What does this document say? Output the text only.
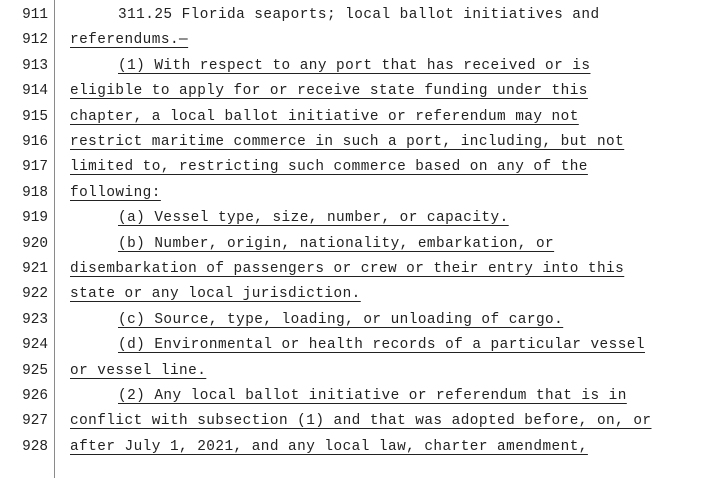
911	311.25 Florida seaports; local ballot initiatives and
912 referendums.—
913	(1) With respect to any port that has received or is
914 eligible to apply for or receive state funding under this
915 chapter, a local ballot initiative or referendum may not
916 restrict maritime commerce in such a port, including, but not
917 limited to, restricting such commerce based on any of the
918 following:
919	(a) Vessel type, size, number, or capacity.
920	(b) Number, origin, nationality, embarkation, or
921 disembarkation of passengers or crew or their entry into this
922 state or any local jurisdiction.
923	(c) Source, type, loading, or unloading of cargo.
924	(d) Environmental or health records of a particular vessel
925 or vessel line.
926	(2) Any local ballot initiative or referendum that is in
927 conflict with subsection (1) and that was adopted before, on, or
928 after July 1, 2021, and any local law, charter amendment,
